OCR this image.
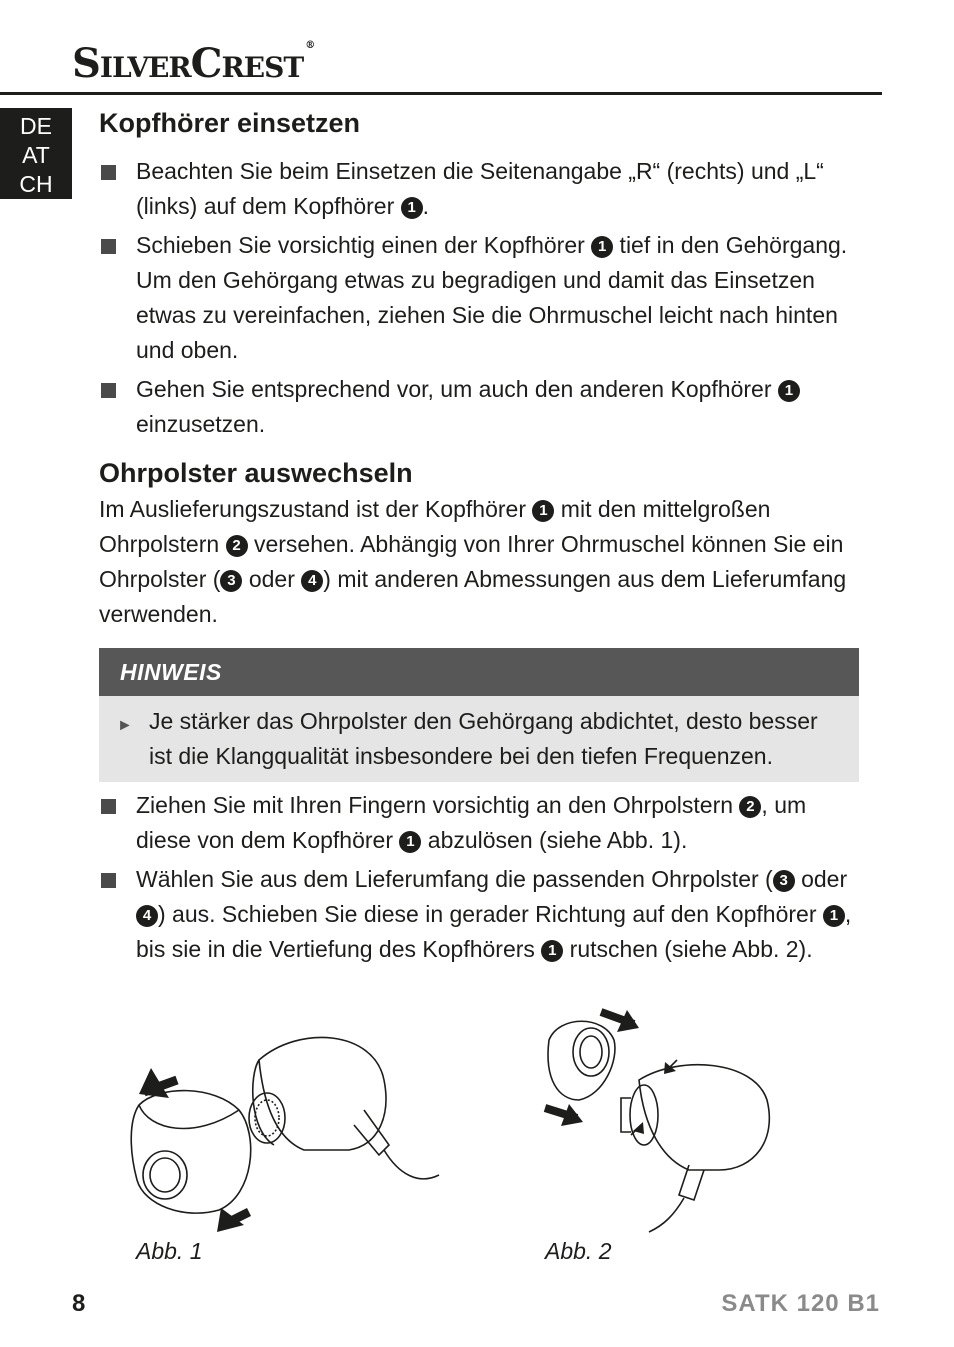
SilverCrest ®
DE
AT
CH
Kopfhörer einsetzen
Beachten Sie beim Einsetzen die Seitenangabe „R“ (rechts) und „L“ (links) auf dem Kopfhörer 1 .
Schieben Sie vorsichtig einen der Kopfhörer 1 tief in den Gehörgang. Um den Gehörgang etwas zu begradigen und damit das Einsetzen etwas zu vereinfachen, ziehen Sie die Ohrmuschel leicht nach hinten und oben.
Gehen Sie entsprechend vor, um auch den anderen Kopfhörer 1 einzusetzen.
Ohrpolster auswechseln

Im Auslieferungszustand ist der Kopfhörer 1 mit den mittelgroßen Ohrpolstern 2 versehen. Abhängig von Ihrer Ohrmuschel können Sie ein Ohrpolster ( 3 oder 4 ) mit anderen Abmessungen aus dem Lieferumfang verwenden.

HINWEIS
► Je stärker das Ohrpolster den Gehörgang abdichtet, desto besser ist die Klangqualität insbesondere bei den tiefen Frequenzen.
Ziehen Sie mit Ihren Fingern vorsichtig an den Ohrpolstern 2 , um diese von dem Kopfhörer 1 abzulösen (siehe Abb. 1).
Wählen Sie aus dem Lieferumfang die passenden Ohrpolster ( 3 oder 4 ) aus. Schieben Sie diese in gerader Richtung auf den Kopfhörer 1 , bis sie in die Vertiefung des Kopfhörers 1 rutschen (siehe Abb. 2).
Abb. 1	Abb. 2
8	SATK 120 B1
